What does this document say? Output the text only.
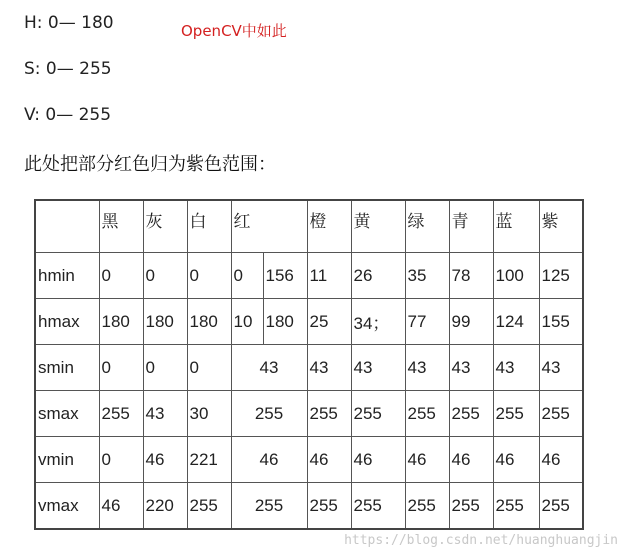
H: 0— 180
S: 0— 255
V: 0— 255
OpenCV中如此
此处把部分红色归为紫色范围：
	黑	灰	白	红		橙	黄	绿	青	蓝	紫
hmin	0	0	0	0	156	11	26	35	78	100	125
hmax	180	180	180	10	180	25	34；	77	99	124	155
smin	0	0	0	43		43	43	43	43	43	43
smax	255	43	30	255		255	255	255	255	255	255
vmin	0	46	221	46		46	46	46	46	46	46
vmax	46	220	255	255		255	255	255	255	255	255
https://blog.csdn.net/huanghuangjin
